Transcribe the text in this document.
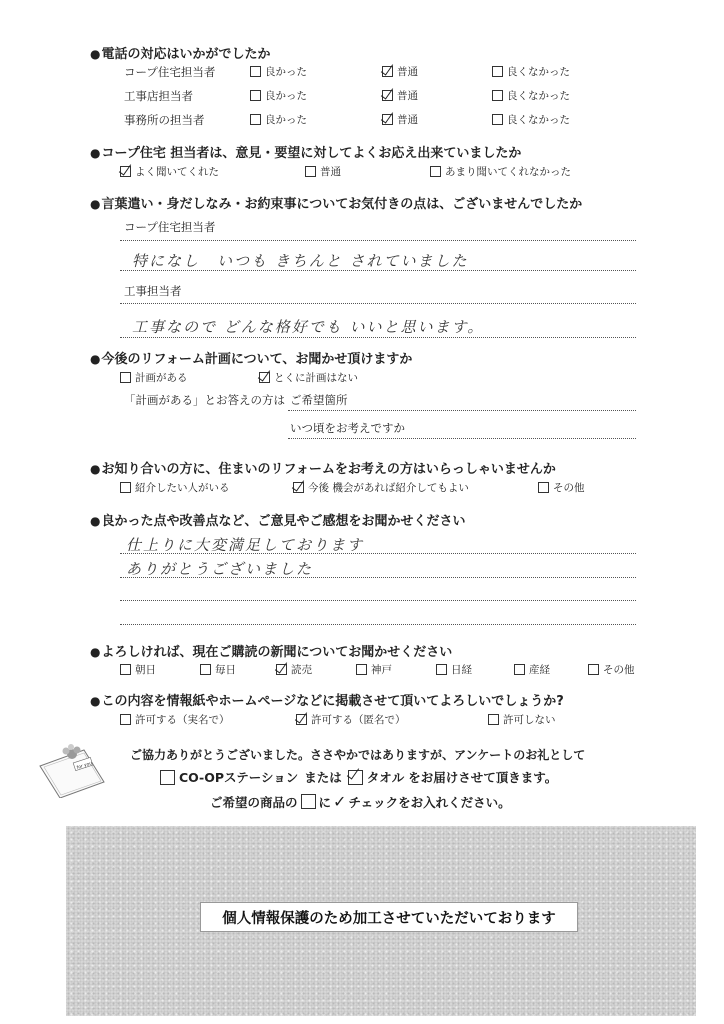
●電話の対応はいかがでしたか
コープ住宅担当者	良かった	普通	良くなかった
工事店担当者	良かった	普通	良くなかった
事務所の担当者	良かった	普通	良くなかった
●コープ住宅 担当者は、意見・要望に対してよくお応え出来ていましたか
よく聞いてくれた	普通	あまり聞いてくれなかった
●言葉遣い・身だしなみ・お約束事についてお気付きの点は、ございませんでしたか
コープ住宅担当者
特になし　いつも きちんと されていました
工事担当者
工事なので どんな格好でも いいと思います。
●今後のリフォーム計画について、お聞かせ頂けますか
計画がある	とくに計画はない
「計画がある」とお答えの方は ご希望箇所
いつ頃をお考えですか
●お知り合いの方に、住まいのリフォームをお考えの方はいらっしゃいませんか
紹介したい人がいる	今後 機会があれば紹介してもよい	その他
●良かった点や改善点など、ご意見やご感想をお聞かせください
仕上りに大変満足しております
ありがとうございました
●よろしければ、現在ご購読の新聞についてお聞かせください
朝日	毎日	読売	神戸	日経	産経	その他
●この内容を情報紙やホームページなどに掲載させて頂いてよろしいでしょうか?
許可する（実名で）	許可する（匿名で）	許可しない
for you
ご協力ありがとうございました。ささやかではありますが、アンケートのお礼として
CO-OPステーション または タオル をお届けさせて頂きます。
ご希望の商品の に ✓ チェックをお入れください。
個人情報保護のため加工させていただいております
